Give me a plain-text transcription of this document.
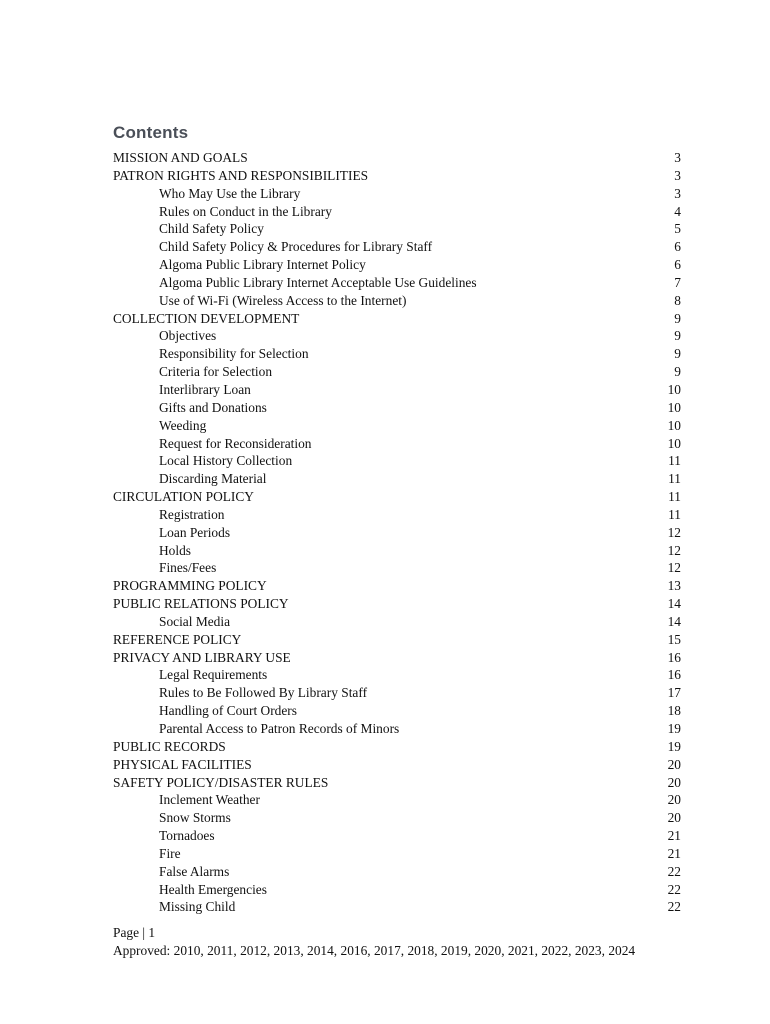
Contents
MISSION AND GOALS	3
PATRON RIGHTS AND RESPONSIBILITIES	3
Who May Use the Library	3
Rules on Conduct in the Library	4
Child Safety Policy	5
Child Safety Policy & Procedures for Library Staff	6
Algoma Public Library Internet Policy	6
Algoma Public Library Internet Acceptable Use Guidelines	7
Use of Wi-Fi (Wireless Access to the Internet)	8
COLLECTION DEVELOPMENT	9
Objectives	9
Responsibility for Selection	9
Criteria for Selection	9
Interlibrary Loan	10
Gifts and Donations	10
Weeding	10
Request for Reconsideration	10
Local History Collection	11
Discarding Material	11
CIRCULATION POLICY	11
Registration	11
Loan Periods	12
Holds	12
Fines/Fees	12
PROGRAMMING POLICY	13
PUBLIC RELATIONS POLICY	14
Social Media	14
REFERENCE POLICY	15
PRIVACY AND LIBRARY USE	16
Legal Requirements	16
Rules to Be Followed By Library Staff	17
Handling of Court Orders	18
Parental Access to Patron Records of Minors	19
PUBLIC RECORDS	19
PHYSICAL FACILITIES	20
SAFETY POLICY/DISASTER RULES	20
Inclement Weather	20
Snow Storms	20
Tornadoes	21
Fire	21
False Alarms	22
Health Emergencies	22
Missing Child	22
Page | 1
Approved: 2010, 2011, 2012, 2013, 2014, 2016, 2017, 2018, 2019, 2020, 2021, 2022, 2023, 2024
